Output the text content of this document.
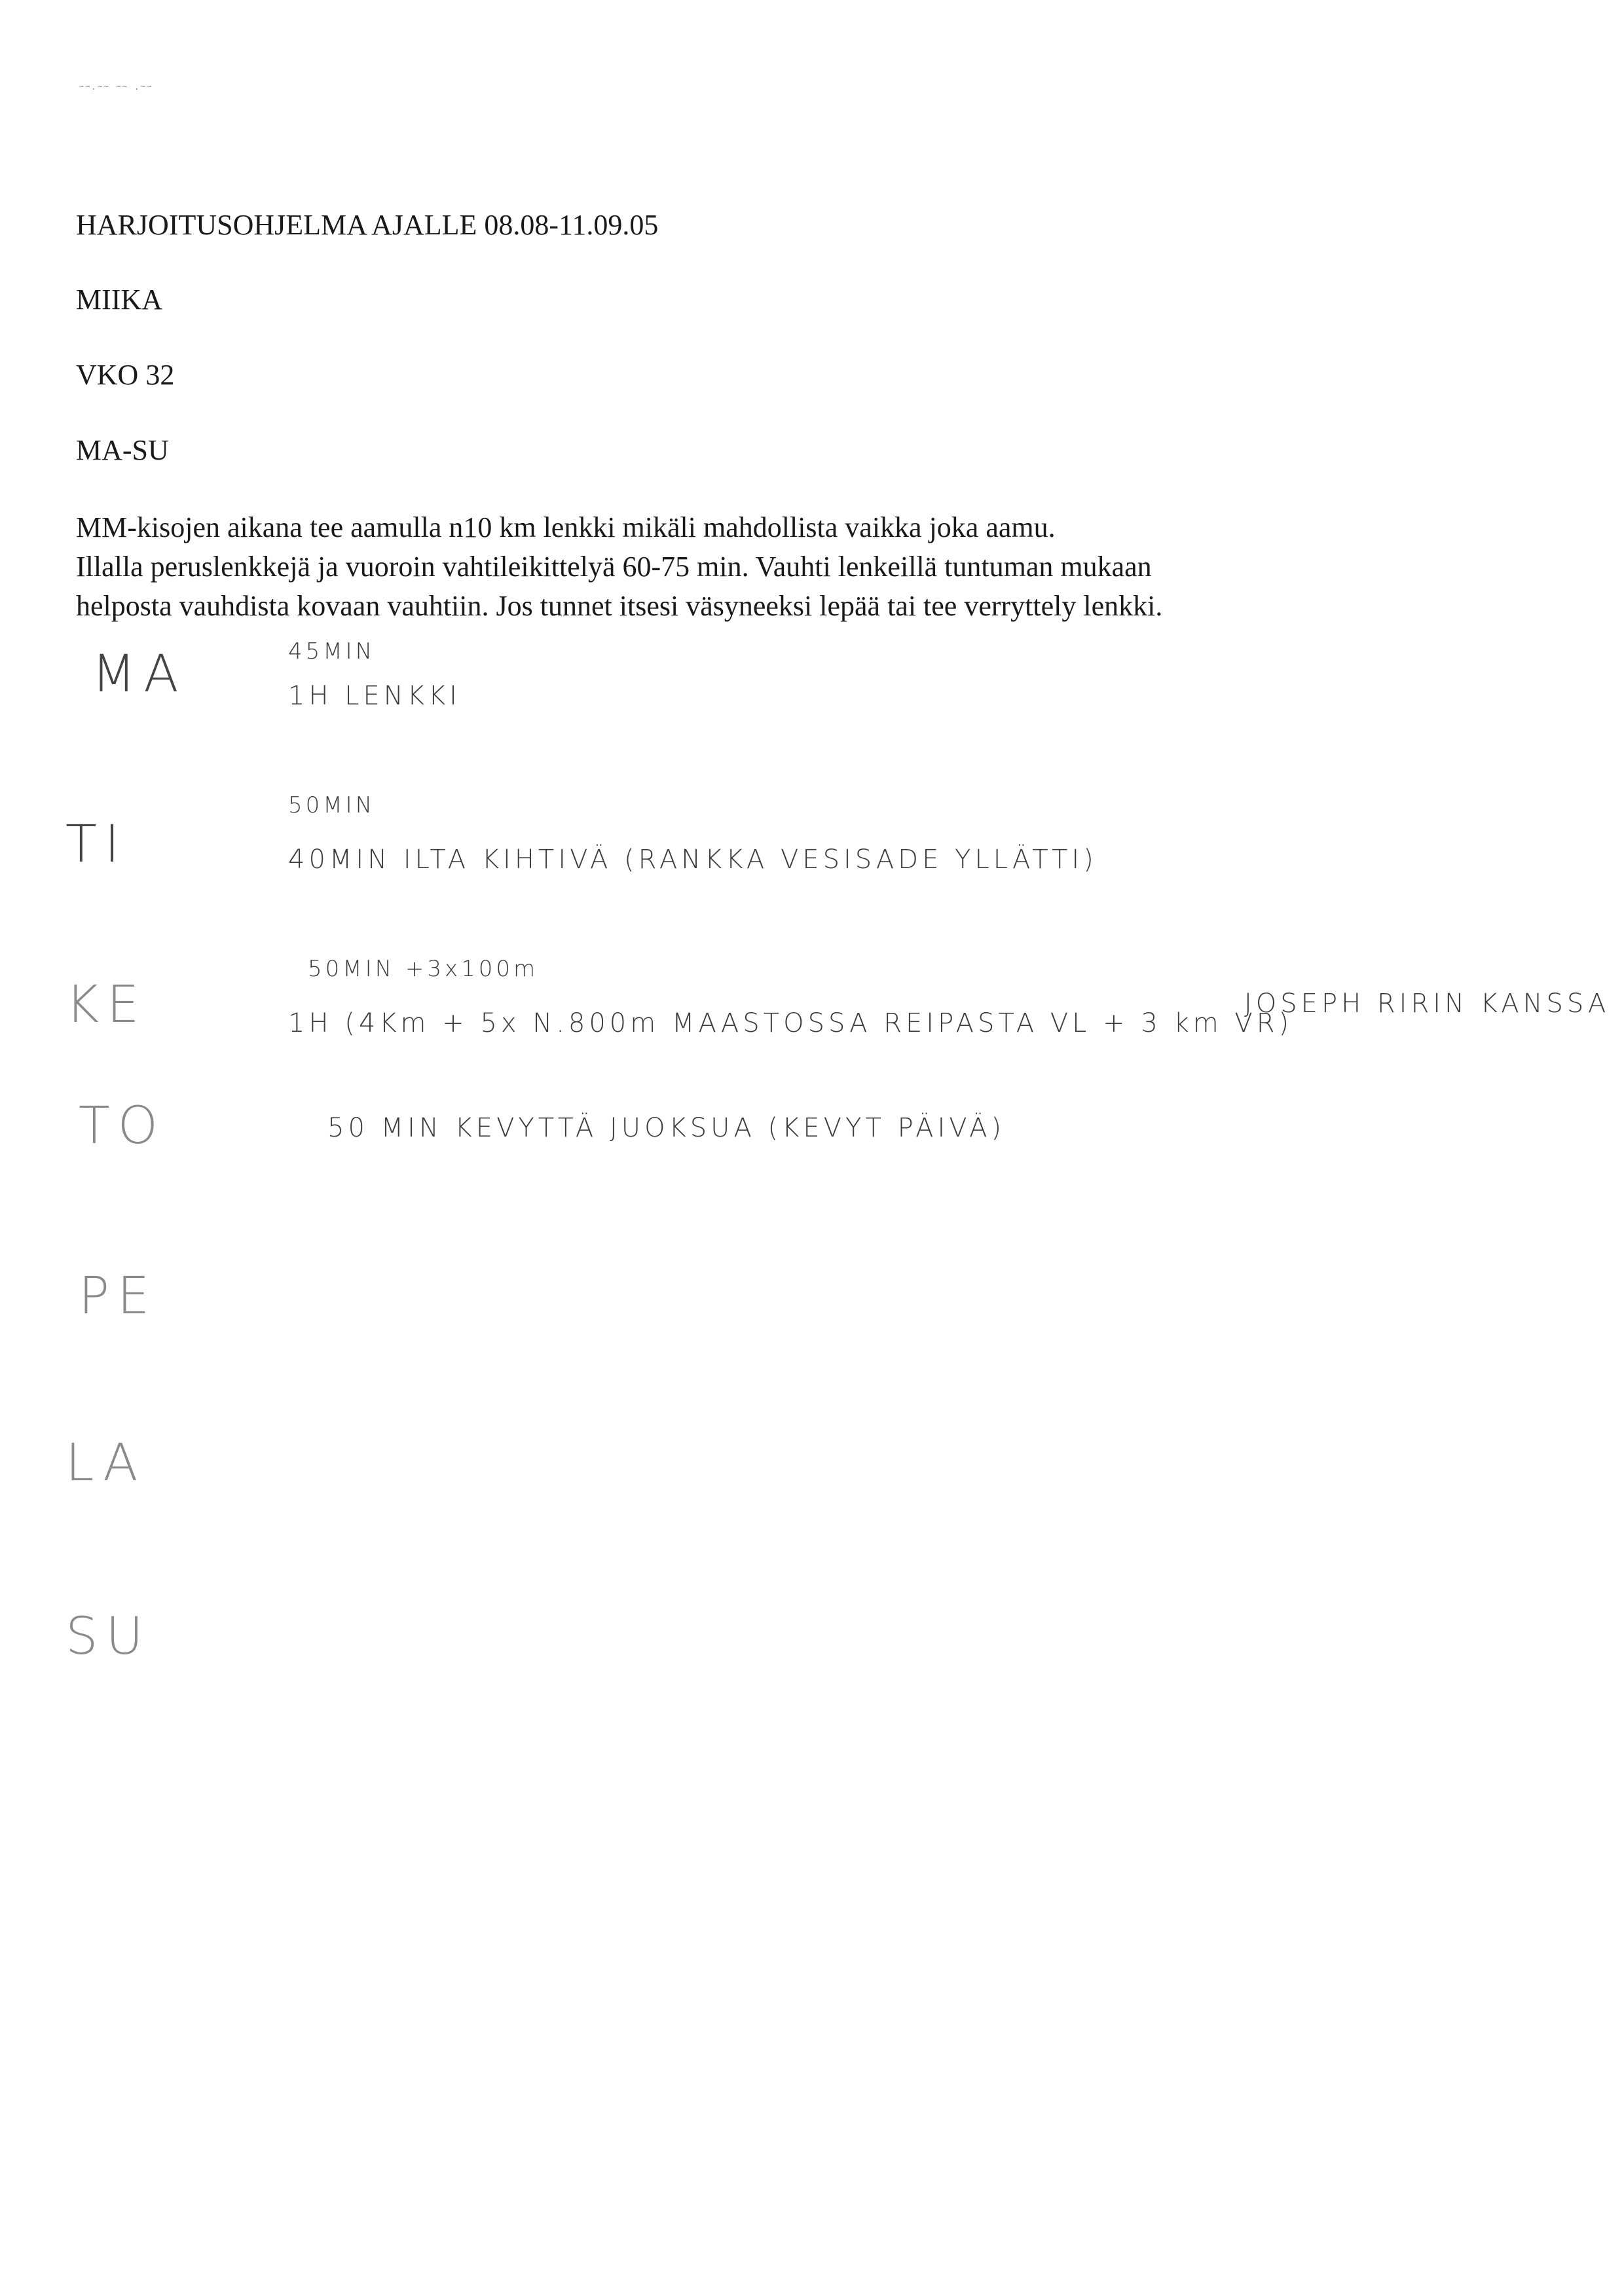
~~.~~ ~~ .~~
HARJOITUSOHJELMA AJALLE 08.08-11.09.05
MIIKA
VKO 32
MA-SU

MM-kisojen aikana tee aamulla n10 km lenkki mikäli mahdollista vaikka joka aamu.

Illalla peruslenkkejä ja vuoroin vahtileikittelyä 60-75 min. Vauhti lenkeillä tuntuman mukaan

helposta vauhdista kovaan vauhtiin. Jos tunnet itsesi väsyneeksi lepää tai tee verryttely lenkki.

MA	45MIN
1H LENKKI
TI
50MIN
40MIN ILTA KIHTIVÄ (RANKKA VESISADE YLLÄTTI)
KE
50MIN +3x100m
1H (4Km + 5x N.800m MAASTOSSA REIPASTA VL + 3 km VR)
JOSEPH RIRIN KANSSA
TO	50 MIN KEVYTTÄ JUOKSUA (KEVYT PÄIVÄ)
PE
LA
SU
